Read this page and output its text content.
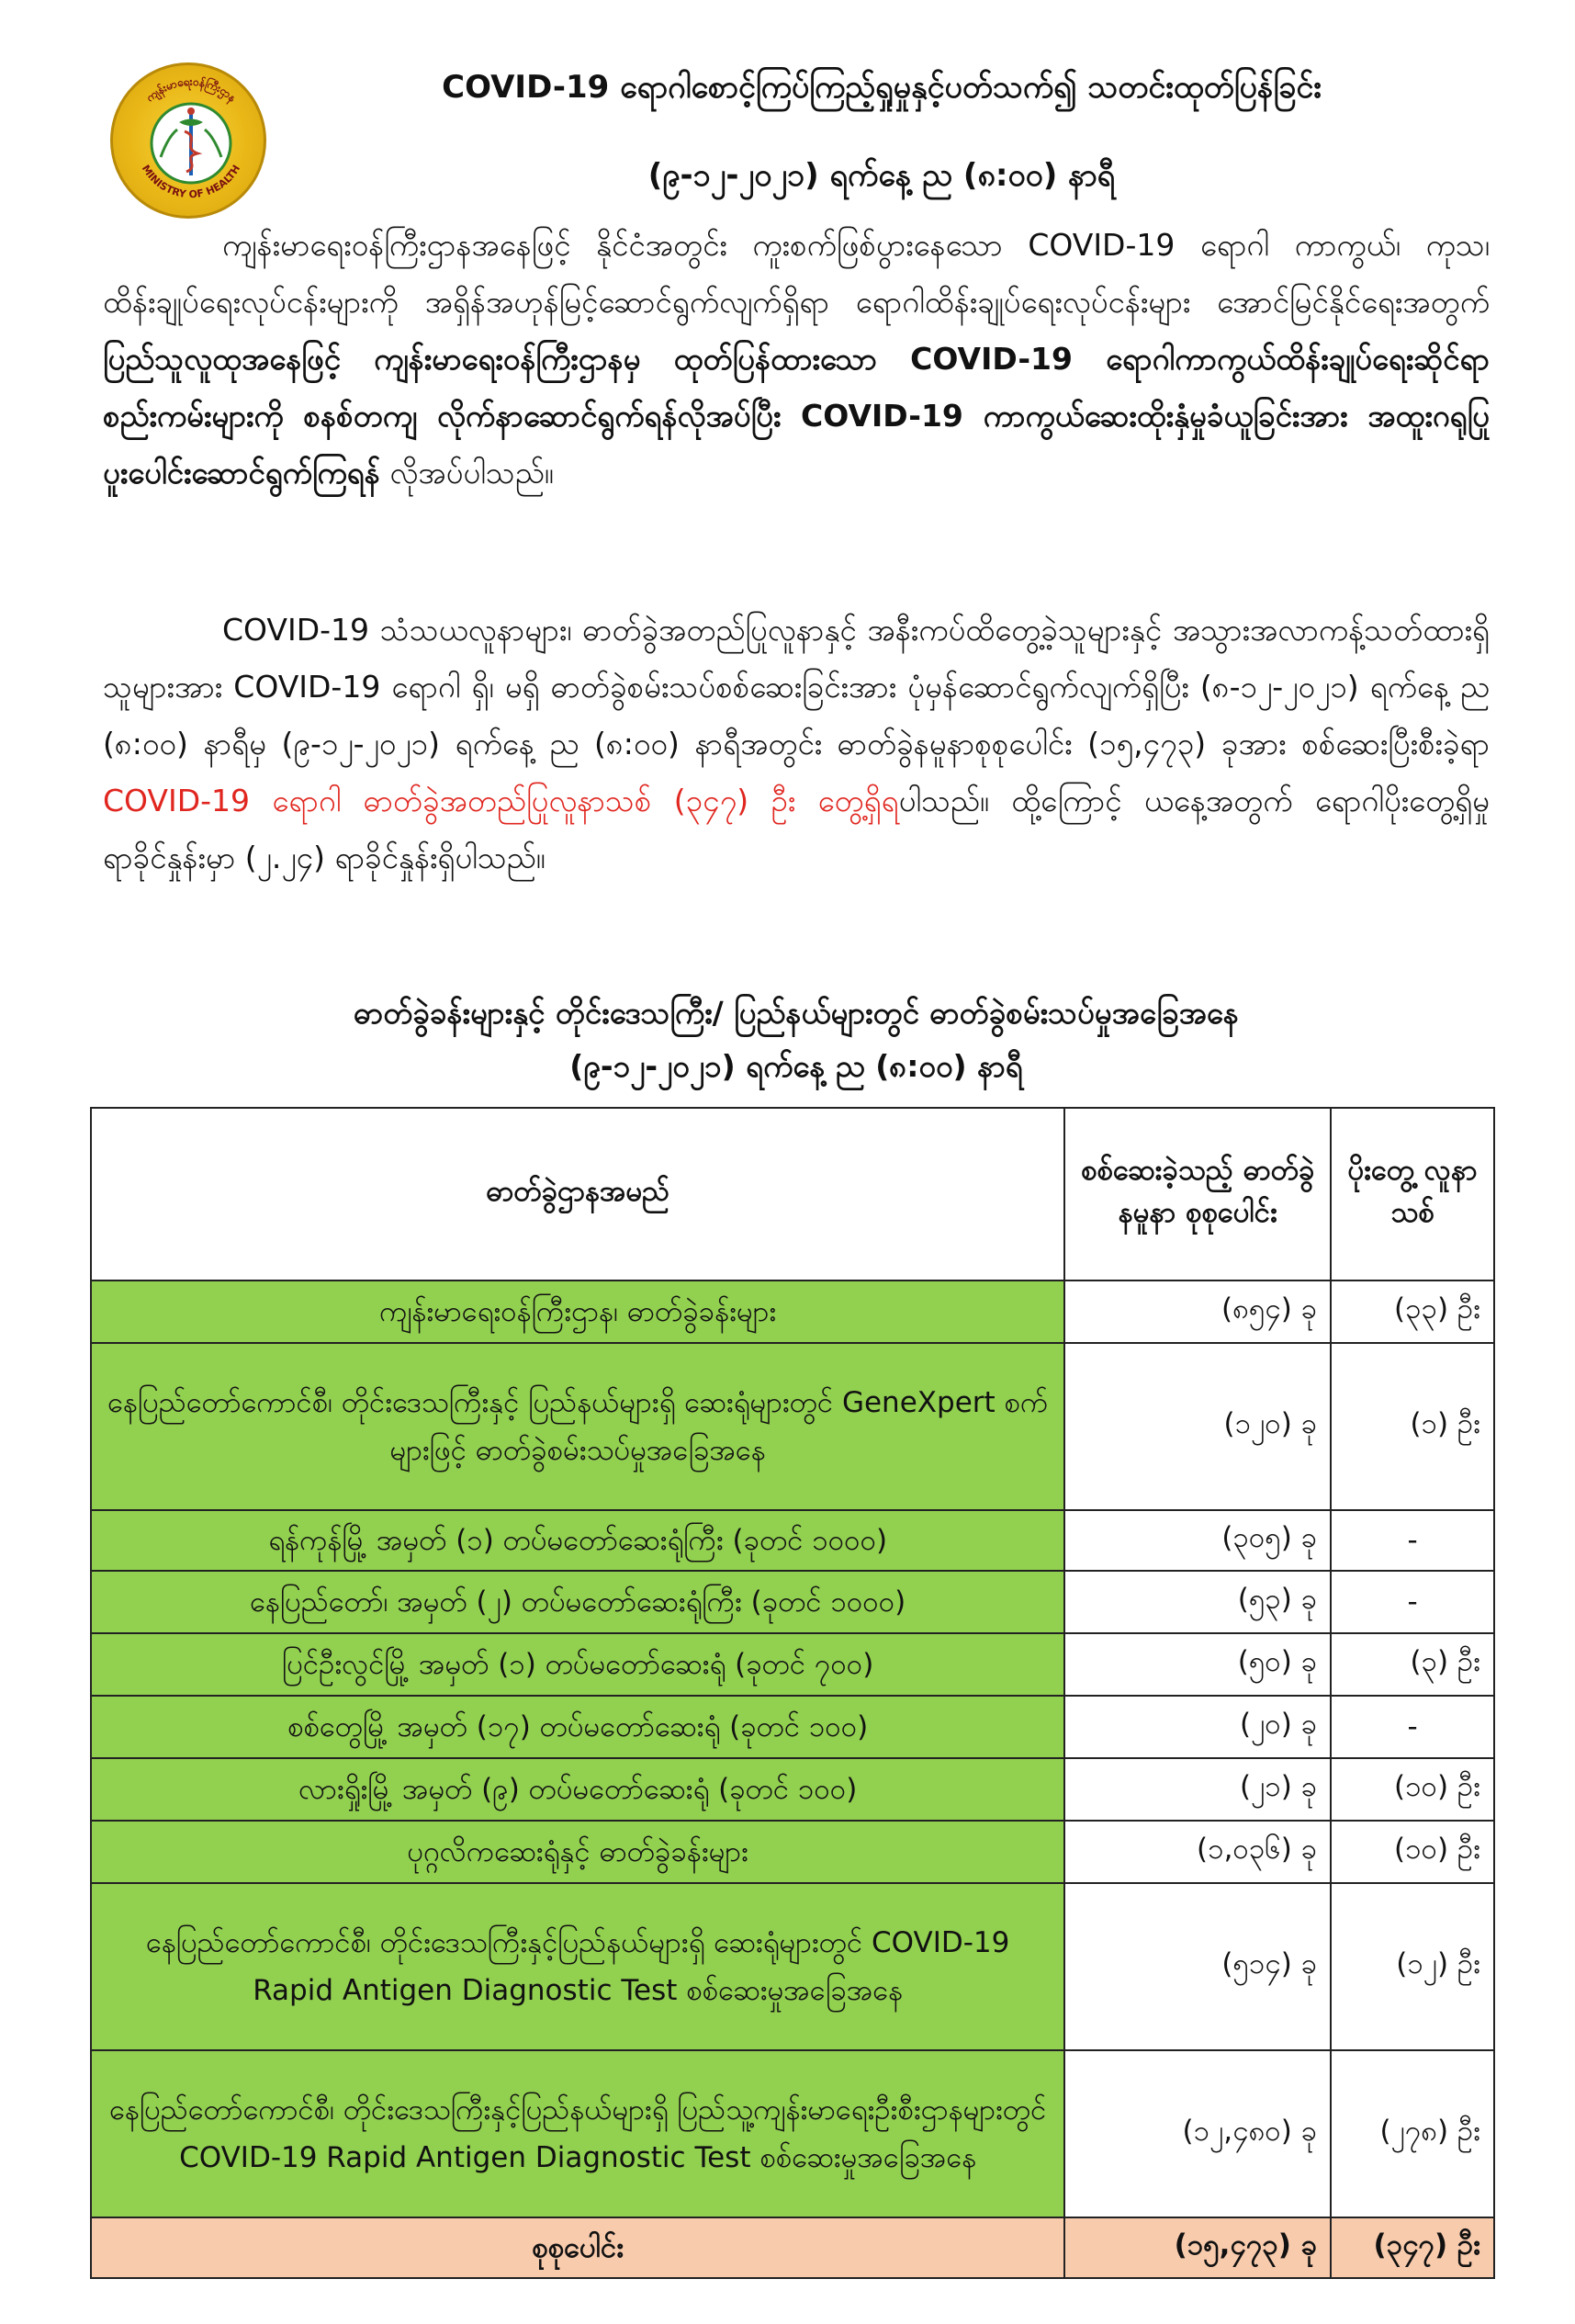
ကျန်းမာရေးဝန်ကြီးဌာန
MINISTRY OF HEALTH
COVID-19 ရောဂါစောင့်ကြပ်ကြည့်ရှုမှုနှင့်ပတ်သက်၍ သတင်းထုတ်ပြန်ခြင်း
(၉-၁၂-၂၀၂၁) ရက်နေ့ ည (၈:၀၀) နာရီ

ကျန်းမာရေးဝန်ကြီးဌာနအနေဖြင့် နိုင်ငံအတွင်း ကူးစက်ဖြစ်ပွားနေသော COVID-19 ရောဂါ ကာကွယ်၊ ကုသ၊ ထိန်းချုပ်ရေးလုပ်ငန်းများကို အရှိန်အဟုန်မြင့်ဆောင်ရွက်လျက်ရှိရာ ရောဂါထိန်းချုပ်ရေးလုပ်ငန်းများ အောင်မြင်နိုင်ရေးအတွက် ပြည်သူလူထုအနေဖြင့် ကျန်းမာရေးဝန်ကြီးဌာနမှ ထုတ်ပြန်ထားသော COVID-19 ရောဂါကာကွယ်ထိန်းချုပ်ရေးဆိုင်ရာစည်းကမ်းများကို စနစ်တကျ လိုက်နာဆောင်ရွက်ရန်လိုအပ်ပြီး COVID-19 ကာကွယ်ဆေးထိုးနှံမှုခံယူခြင်းအား အထူးဂရုပြု ပူးပေါင်းဆောင်ရွက်ကြရန် လိုအပ်ပါသည်။

COVID-19 သံသယလူနာများ၊ ဓာတ်ခွဲအတည်ပြုလူနာနှင့် အနီးကပ်ထိတွေ့ခဲ့သူများနှင့် အသွားအလာကန့်သတ်ထားရှိသူများအား COVID-19 ရောဂါ ရှိ၊ မရှိ ဓာတ်ခွဲစမ်းသပ်စစ်ဆေးခြင်းအား ပုံမှန်ဆောင်ရွက်လျက်ရှိပြီး (၈-၁၂-၂၀၂၁) ရက်နေ့ ည (၈:၀၀) နာရီမှ (၉-၁၂-၂၀၂၁) ရက်နေ့ ည (၈:၀၀) နာရီအတွင်း ဓာတ်ခွဲနမူနာစုစုပေါင်း (၁၅,၄၇၃) ခုအား စစ်ဆေးပြီးစီးခဲ့ရာ COVID-19 ရောဂါ ဓာတ်ခွဲအတည်ပြုလူနာသစ် (၃၄၇) ဦး တွေ့ရှိရပါသည်။ ထို့ကြောင့် ယနေ့အတွက် ရောဂါပိုးတွေ့ရှိမှု ရာခိုင်နှုန်းမှာ (၂.၂၄) ရာခိုင်နှုန်းရှိပါသည်။

ဓာတ်ခွဲခန်းများနှင့် တိုင်းဒေသကြီး/ ပြည်နယ်များတွင် ဓာတ်ခွဲစမ်းသပ်မှုအခြေအနေ
(၉-၁၂-၂၀၂၁) ရက်နေ့ ည (၈:၀၀) နာရီ
ဓာတ်ခွဲဌာနအမည်	စစ်ဆေးခဲ့သည့် ဓာတ်ခွဲနမူနာ စုစုပေါင်း	ပိုးတွေ့ လူနာသစ်
ကျန်းမာရေးဝန်ကြီးဌာန၊ ဓာတ်ခွဲခန်းများ	(၈၅၄) ခု	(၃၃) ဦး
နေပြည်တော်ကောင်စီ၊ တိုင်းဒေသကြီးနှင့် ပြည်နယ်များရှိ ဆေးရုံများတွင် GeneXpert စက်များဖြင့် ဓာတ်ခွဲစမ်းသပ်မှုအခြေအနေ	(၁၂၀) ခု	(၁) ဦး
ရန်ကုန်မြို့ အမှတ် (၁) တပ်မတော်ဆေးရုံကြီး (ခုတင် ၁၀၀၀)	(၃၀၅) ခု	-
နေပြည်တော်၊ အမှတ် (၂) တပ်မတော်ဆေးရုံကြီး (ခုတင် ၁၀၀၀)	(၅၃) ခု	-
ပြင်ဦးလွင်မြို့ အမှတ် (၁) တပ်မတော်ဆေးရုံ (ခုတင် ၇၀၀)	(၅၀) ခု	(၃) ဦး
စစ်တွေမြို့ အမှတ် (၁၇) တပ်မတော်ဆေးရုံ (ခုတင် ၁၀၀)	(၂၀) ခု	-
လားရှိုးမြို့ အမှတ် (၉) တပ်မတော်ဆေးရုံ (ခုတင် ၁၀၀)	(၂၁) ခု	(၁၀) ဦး
ပုဂ္ဂလိကဆေးရုံနှင့် ဓာတ်ခွဲခန်းများ	(၁,၀၃၆) ခု	(၁၀) ဦး
နေပြည်တော်ကောင်စီ၊ တိုင်းဒေသကြီးနှင့်ပြည်နယ်များရှိ ဆေးရုံများတွင် COVID-19 Rapid Antigen Diagnostic Test စစ်ဆေးမှုအခြေအနေ	(၅၁၄) ခု	(၁၂) ဦး
နေပြည်တော်ကောင်စီ၊ တိုင်းဒေသကြီးနှင့်ပြည်နယ်များရှိ ပြည်သူ့ကျန်းမာရေးဦးစီးဌာနများတွင် COVID-19 Rapid Antigen Diagnostic Test စစ်ဆေးမှုအခြေအနေ	(၁၂,၄၈၀) ခု	(၂၇၈) ဦး
စုစုပေါင်း	(၁၅,၄၇၃) ခု	(၃၄၇) ဦး
